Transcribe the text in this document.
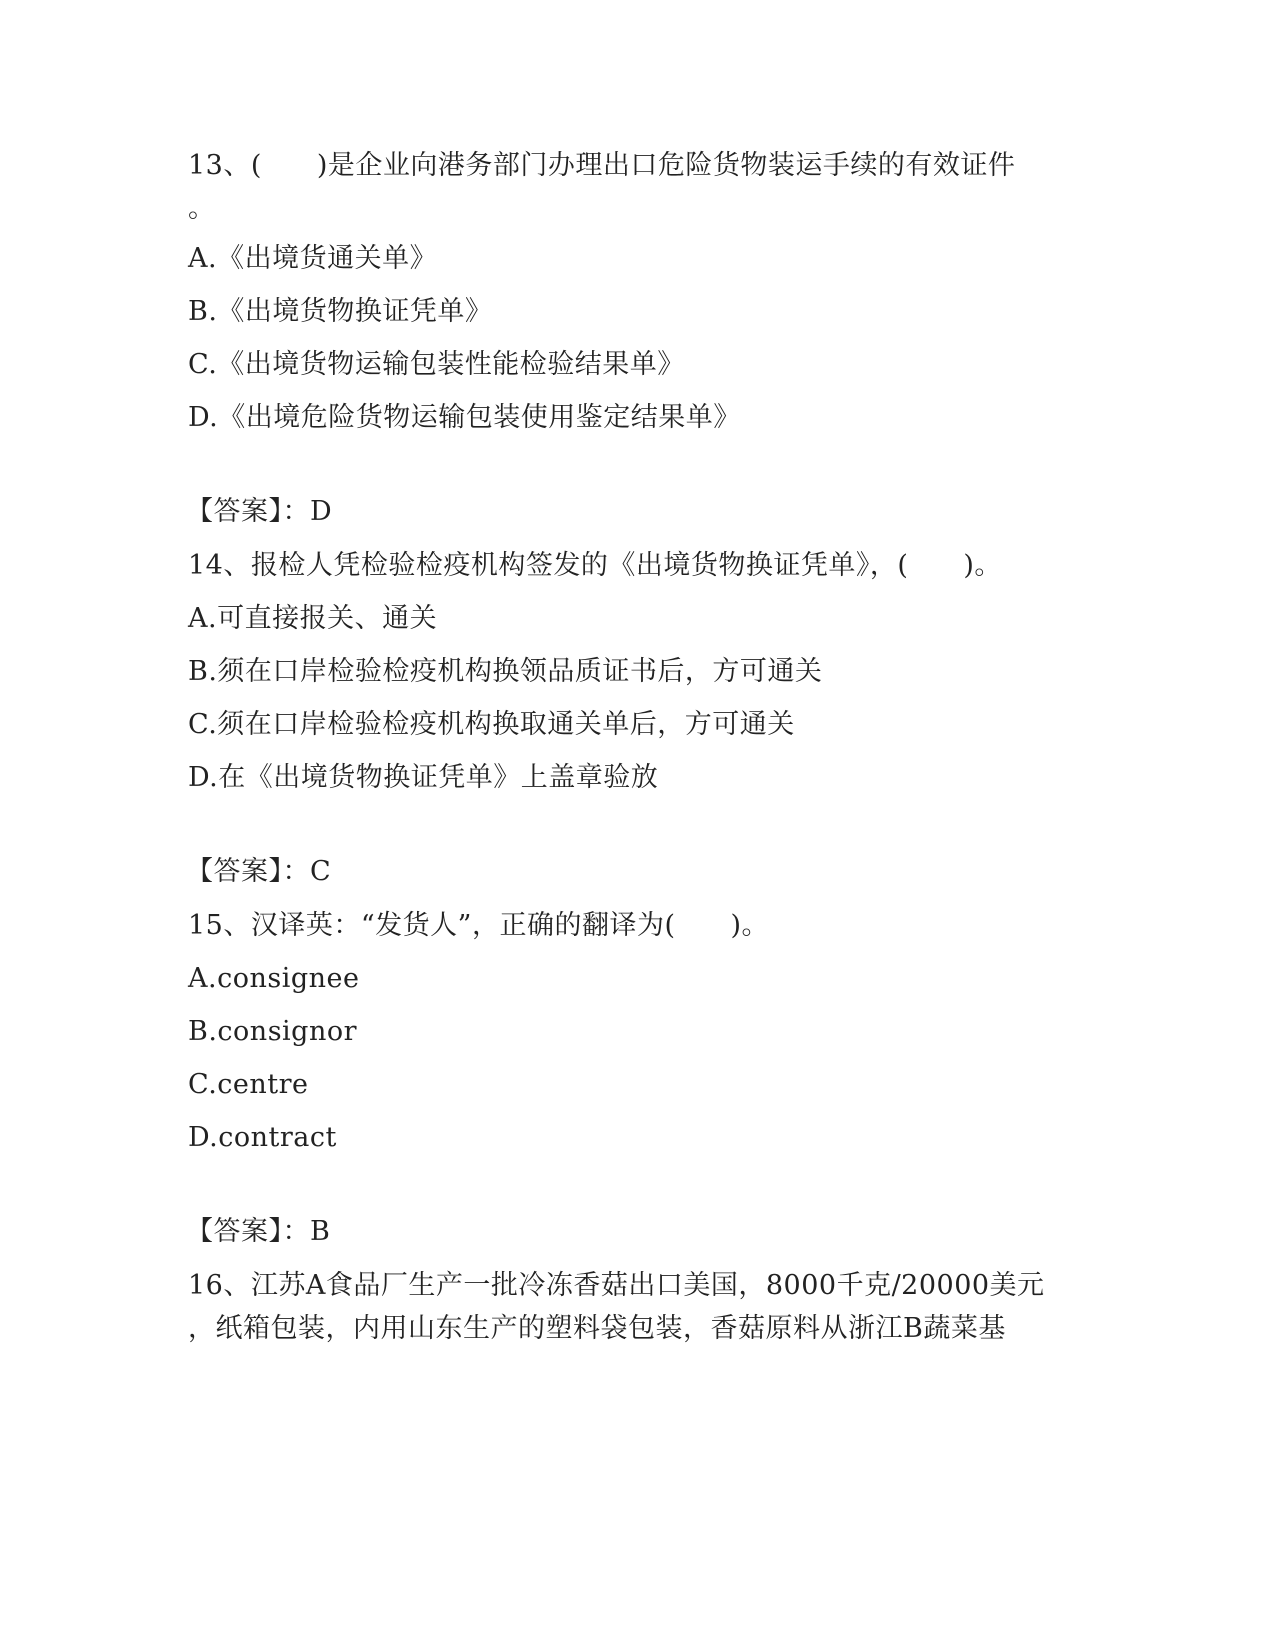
13、(　　)是企业向港务部门办理出口危险货物装运手续的有效证件
。
A.《出境货通关单》
B.《出境货物换证凭单》
C.《出境货物运输包装性能检验结果单》
D.《出境危险货物运输包装使用鉴定结果单》
【答案】：D
14、报检人凭检验检疫机构签发的《出境货物换证凭单》，(　　)。
A.可直接报关、通关
B.须在口岸检验检疫机构换领品质证书后，方可通关
C.须在口岸检验检疫机构换取通关单后，方可通关
D.在《出境货物换证凭单》上盖章验放
【答案】：C
15、汉译英：“发货人”，正确的翻译为(　　)。
A.consignee
B.consignor
C.centre
D.contract
【答案】：B
16、江苏A食品厂生产一批冷冻香菇出口美国，8000千克/20000美元
，纸箱包装，内用山东生产的塑料袋包装，香菇原料从浙江B蔬菜基
